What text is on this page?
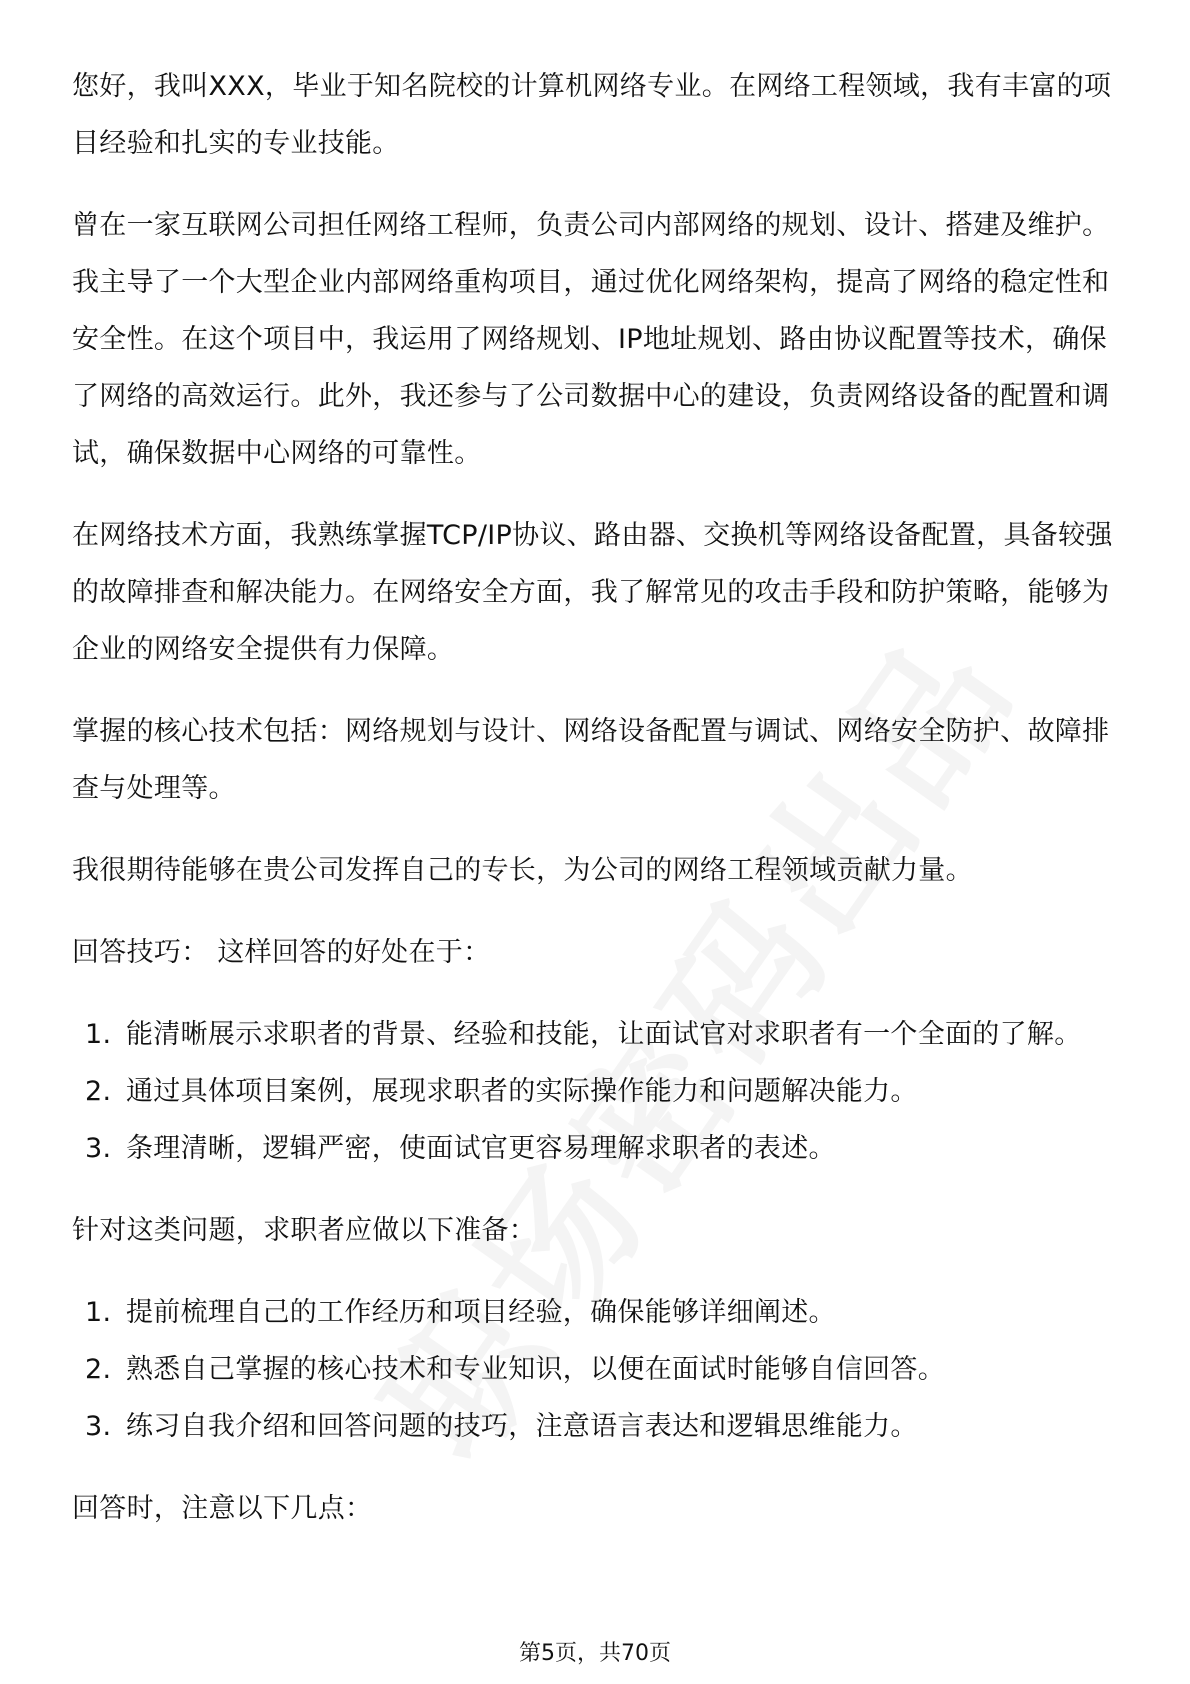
您好，我叫XXX，毕业于知名院校的计算机网络专业。在网络工程领域，我有丰富的项目经验和扎实的专业技能。

曾在一家互联网公司担任网络工程师，负责公司内部网络的规划、设计、搭建及维护。我主导了一个大型企业内部网络重构项目，通过优化网络架构，提高了网络的稳定性和安全性。在这个项目中，我运用了网络规划、IP地址规划、路由协议配置等技术，确保了网络的高效运行。此外，我还参与了公司数据中心的建设，负责网络设备的配置和调试，确保数据中心网络的可靠性。

在网络技术方面，我熟练掌握TCP/IP协议、路由器、交换机等网络设备配置，具备较强的故障排查和解决能力。在网络安全方面，我了解常见的攻击手段和防护策略，能够为企业的网络安全提供有力保障。

掌握的核心技术包括：网络规划与设计、网络设备配置与调试、网络安全防护、故障排查与处理等。

我很期待能够在贵公司发挥自己的专长，为公司的网络工程领域贡献力量。

回答技巧： 这样回答的好处在于：

1. 能清晰展示求职者的背景、经验和技能，让面试官对求职者有一个全面的了解。
2. 通过具体项目案例，展现求职者的实际操作能力和问题解决能力。
3. 条理清晰，逻辑严密，使面试官更容易理解求职者的表述。

针对这类问题，求职者应做以下准备：

1. 提前梳理自己的工作经历和项目经验，确保能够详细阐述。
2. 熟悉自己掌握的核心技术和专业知识，以便在面试时能够自信回答。
3. 练习自我介绍和回答问题的技巧，注意语言表达和逻辑思维能力。

回答时，注意以下几点：

第5页，共70页
